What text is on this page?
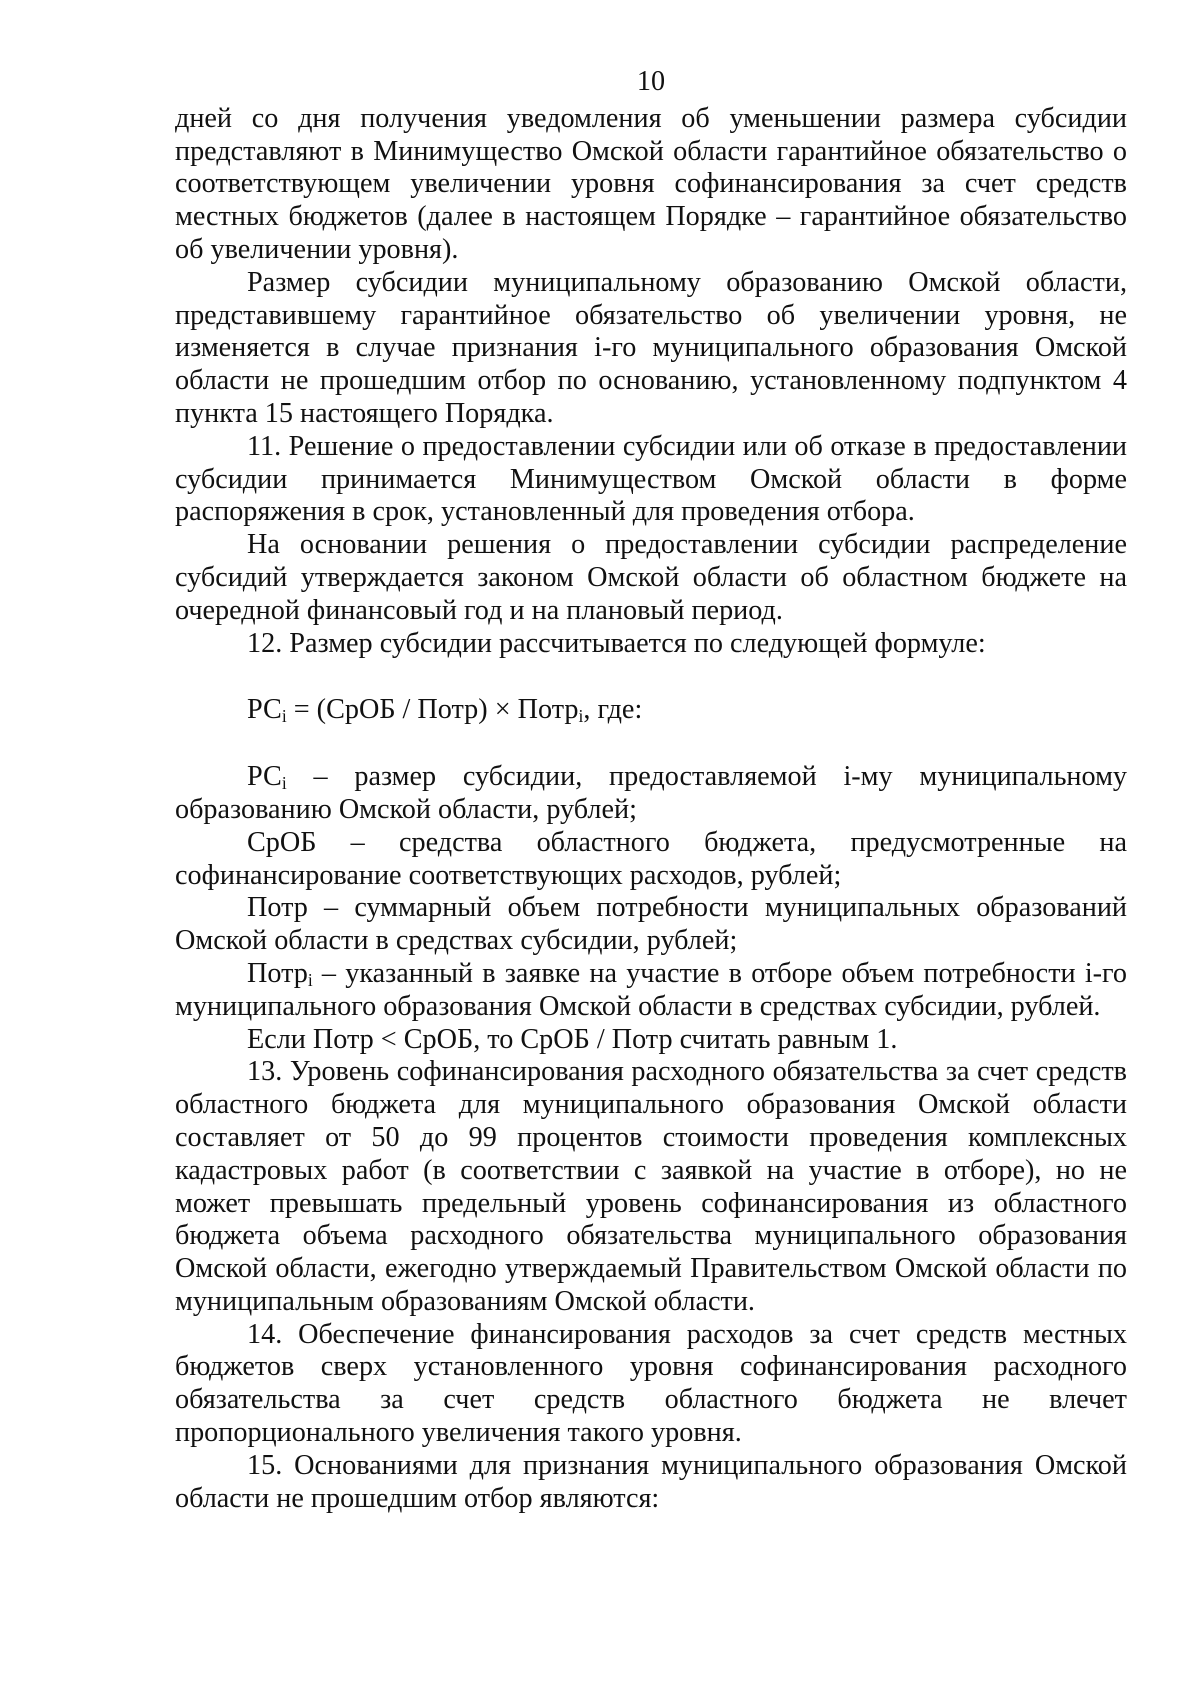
10

дней со дня получения уведомления об уменьшении размера субсидии представляют в Минимущество Омской области гарантийное обязательство о соответствующем увеличении уровня софинансирования за счет средств местных бюджетов (далее в настоящем Порядке – гарантийное обязательство об увеличении уровня).

Размер субсидии муниципальному образованию Омской области, представившему гарантийное обязательство об увеличении уровня, не изменяется в случае признания i-го муниципального образования Омской области не прошедшим отбор по основанию, установленному подпунктом 4 пункта 15 настоящего Порядка.

11. Решение о предоставлении субсидии или об отказе в предоставлении субсидии принимается Минимуществом Омской области в форме распоряжения в срок, установленный для проведения отбора.

На основании решения о предоставлении субсидии распределение субсидий утверждается законом Омской области об областном бюджете на очередной финансовый год и на плановый период.

12. Размер субсидии рассчитывается по следующей формуле:

$РС_i$ = (СрОБ / Потр) × Потр$_i$, где:

$РС_i$ – размер субсидии, предоставляемой i-му муниципальному образованию Омской области, рублей;

СрОБ – средства областного бюджета, предусмотренные на софинансирование соответствующих расходов, рублей;

Потр – суммарный объем потребности муниципальных образований Омской области в средствах субсидии, рублей;

Потр$_i$ – указанный в заявке на участие в отборе объем потребности i-го муниципального образования Омской области в средствах субсидии, рублей.

Если Потр < СрОБ, то СрОБ / Потр считать равным 1.

13. Уровень софинансирования расходного обязательства за счет средств областного бюджета для муниципального образования Омской области составляет от 50 до 99 процентов стоимости проведения комплексных кадастровых работ (в соответствии с заявкой на участие в отборе), но не может превышать предельный уровень софинансирования из областного бюджета объема расходного обязательства муниципального образования Омской области, ежегодно утверждаемый Правительством Омской области по муниципальным образованиям Омской области.

14. Обеспечение финансирования расходов за счет средств местных бюджетов сверх установленного уровня софинансирования расходного обязательства за счет средств областного бюджета не влечет пропорционального увеличения такого уровня.

15. Основаниями для признания муниципального образования Омской области не прошедшим отбор являются:
